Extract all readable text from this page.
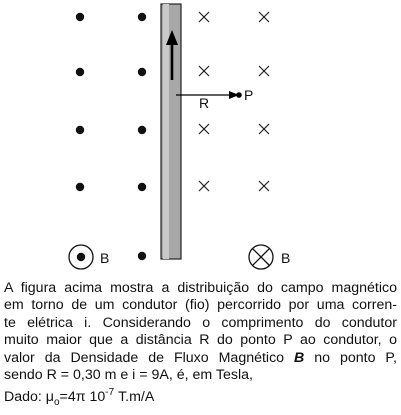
R P
B	B
A figura acima mostra a distribuição do campo magnético
em torno de um condutor (fio) percorrido por uma corren-
te elétrica i. Considerando o comprimento do condutor
muito maior que a distância R do ponto P ao condutor, o
valor da Densidade de Fluxo Magnético B no ponto P,
sendo R = 0,30 m e i = 9A, é, em Tesla,
Dado: $\mu_o=4\pi$ $10^{-7}$ T.m/A
